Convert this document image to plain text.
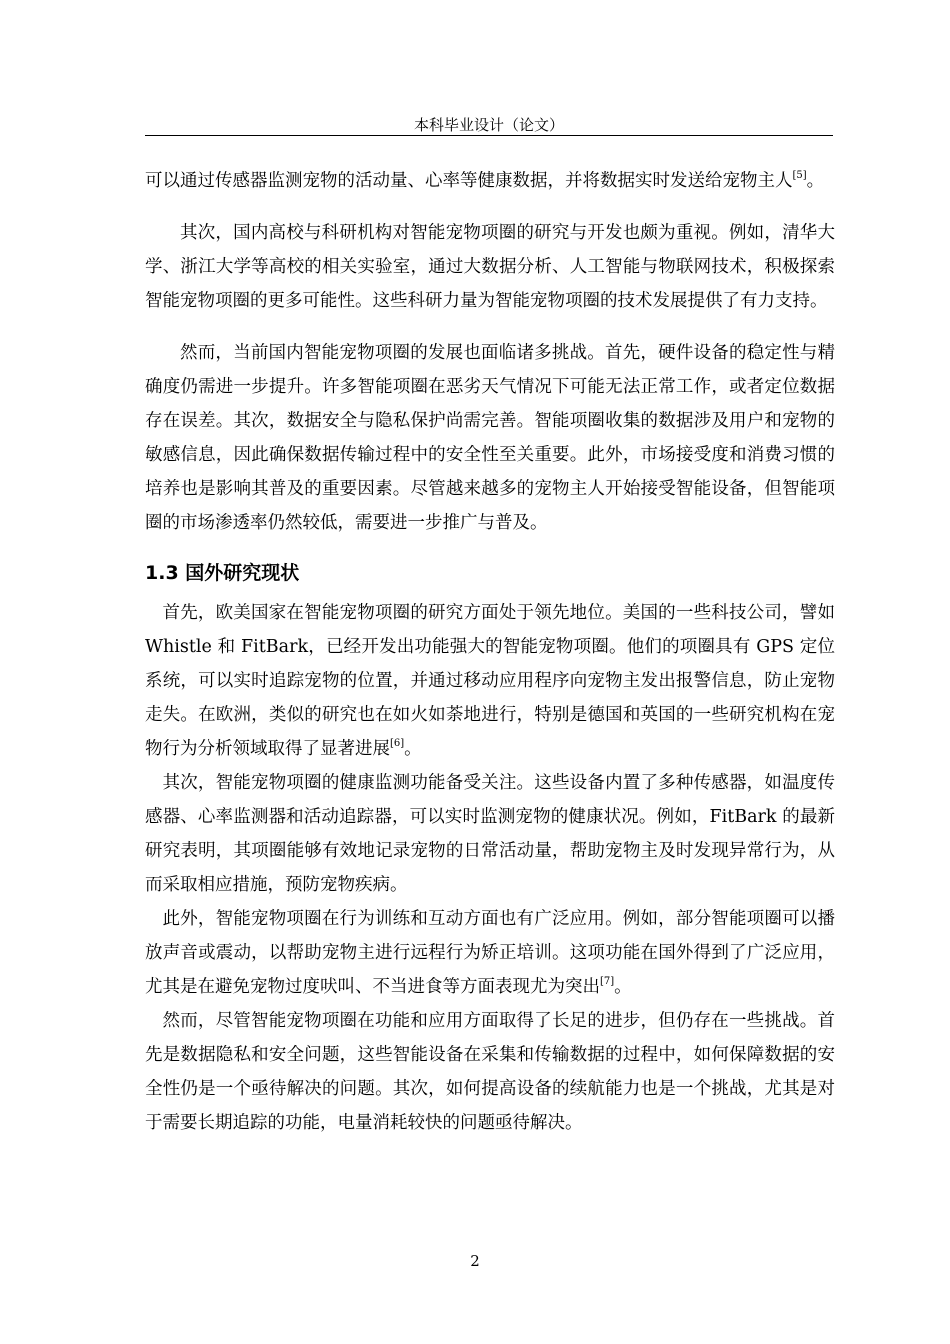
本科毕业设计（论文）

可以通过传感器监测宠物的活动量、心率等健康数据，并将数据实时发送给宠物主人[5]。

其次，国内高校与科研机构对智能宠物项圈的研究与开发也颇为重视。例如，清华大学、浙江大学等高校的相关实验室，通过大数据分析、人工智能与物联网技术，积极探索智能宠物项圈的更多可能性。这些科研力量为智能宠物项圈的技术发展提供了有力支持。

然而，当前国内智能宠物项圈的发展也面临诸多挑战。首先，硬件设备的稳定性与精确度仍需进一步提升。许多智能项圈在恶劣天气情况下可能无法正常工作，或者定位数据存在误差。其次，数据安全与隐私保护尚需完善。智能项圈收集的数据涉及用户和宠物的敏感信息，因此确保数据传输过程中的安全性至关重要。此外，市场接受度和消费习惯的培养也是影响其普及的重要因素。尽管越来越多的宠物主人开始接受智能设备，但智能项圈的市场渗透率仍然较低，需要进一步推广与普及。

1.3 国外研究现状

首先，欧美国家在智能宠物项圈的研究方面处于领先地位。美国的一些科技公司，譬如 Whistle 和 FitBark，已经开发出功能强大的智能宠物项圈。他们的项圈具有 GPS 定位系统，可以实时追踪宠物的位置，并通过移动应用程序向宠物主发出报警信息，防止宠物走失。在欧洲，类似的研究也在如火如荼地进行，特别是德国和英国的一些研究机构在宠物行为分析领域取得了显著进展[6]。

其次，智能宠物项圈的健康监测功能备受关注。这些设备内置了多种传感器，如温度传感器、心率监测器和活动追踪器，可以实时监测宠物的健康状况。例如，FitBark 的最新研究表明，其项圈能够有效地记录宠物的日常活动量，帮助宠物主及时发现异常行为，从而采取相应措施，预防宠物疾病。

此外，智能宠物项圈在行为训练和互动方面也有广泛应用。例如，部分智能项圈可以播放声音或震动，以帮助宠物主进行远程行为矫正培训。这项功能在国外得到了广泛应用，尤其是在避免宠物过度吠叫、不当进食等方面表现尤为突出[7]。

然而，尽管智能宠物项圈在功能和应用方面取得了长足的进步，但仍存在一些挑战。首先是数据隐私和安全问题，这些智能设备在采集和传输数据的过程中，如何保障数据的安全性仍是一个亟待解决的问题。其次，如何提高设备的续航能力也是一个挑战，尤其是对于需要长期追踪的功能，电量消耗较快的问题亟待解决。

2
